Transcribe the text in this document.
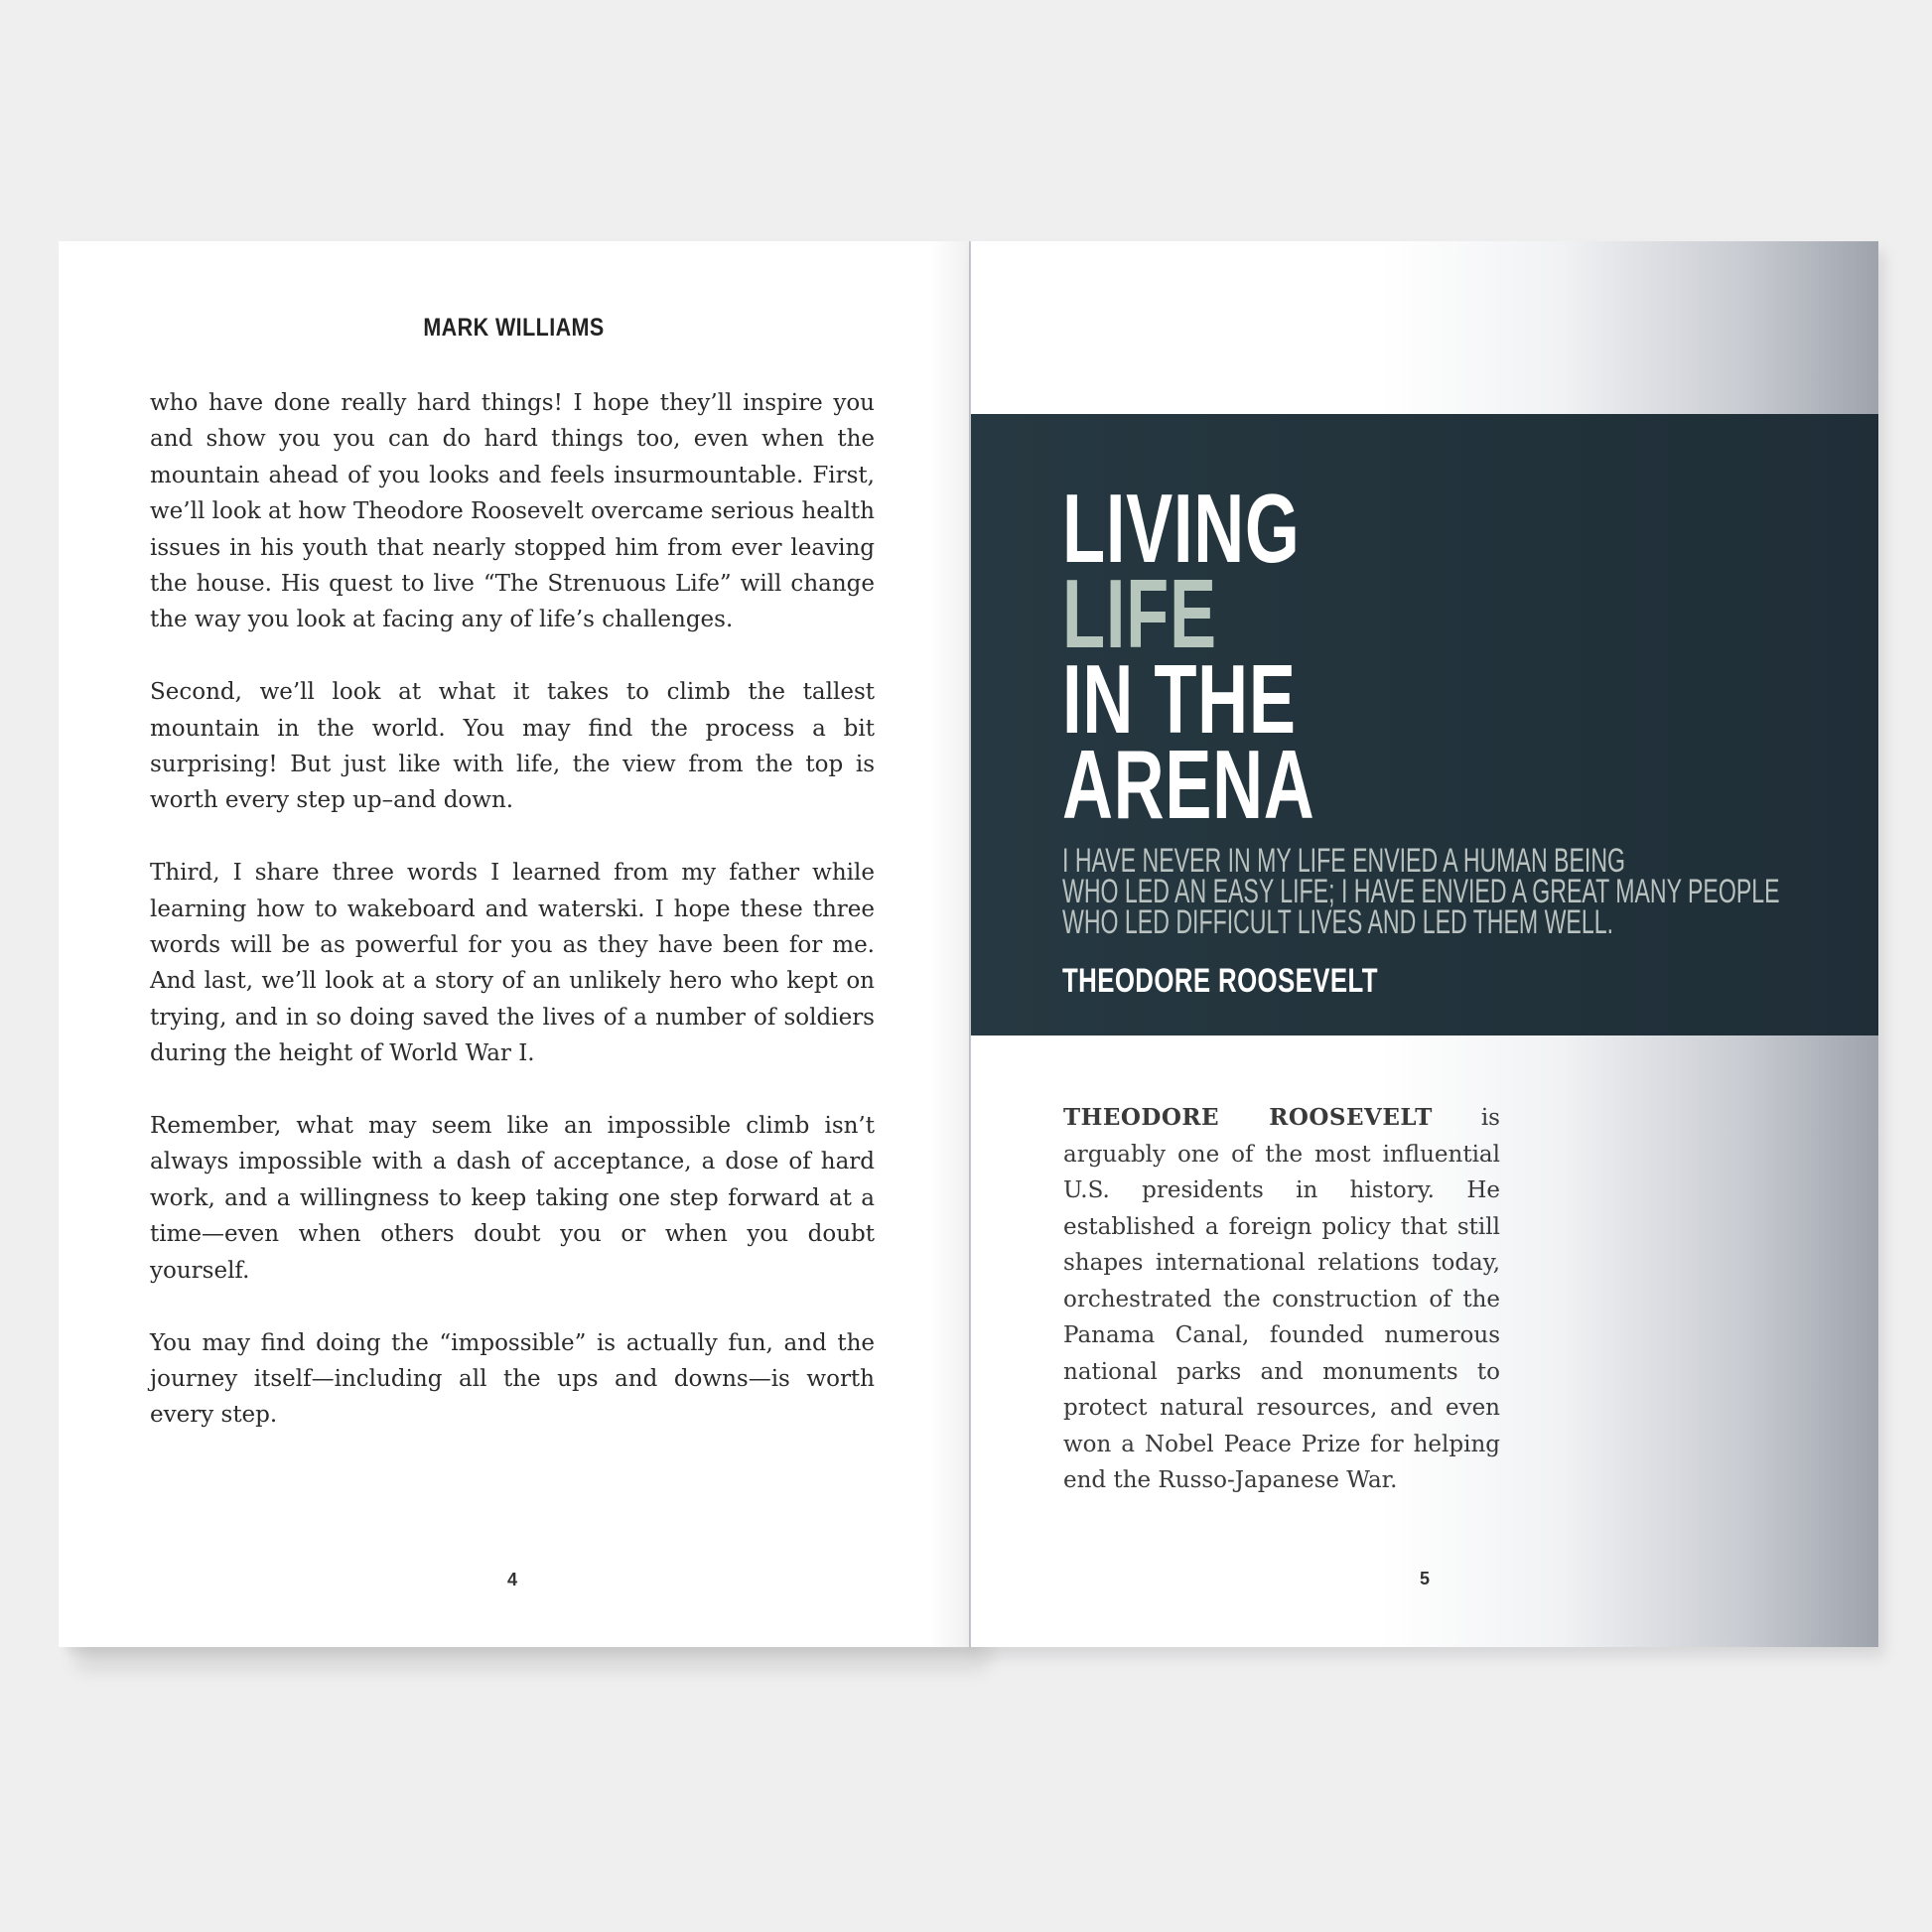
MARK WILLIAMS

who have done really hard things! I hope they’ll inspire you and show you you can do hard things too, even when the mountain ahead of you looks and feels insurmountable. First, we’ll look at how Theodore Roosevelt overcame serious health issues in his youth that nearly stopped him from ever leaving the house. His quest to live “The Strenuous Life” will change the way you look at facing any of life’s challenges.

Second, we’ll look at what it takes to climb the tallest mountain in the world. You may find the process a bit surprising! But just like with life, the view from the top is worth every step up–and down.

Third, I share three words I learned from my father while learning how to wakeboard and waterski. I hope these three words will be as powerful for you as they have been for me. And last, we’ll look at a story of an unlikely hero who kept on trying, and in so doing saved the lives of a number of soldiers during the height of World War I.

Remember, what may seem like an impossible climb isn’t always impossible with a dash of acceptance, a dose of hard work, and a willingness to keep taking one step forward at a time—even when others doubt you or when you doubt yourself.

You may find doing the “impossible” is actually fun, and the journey itself—including all the ups and downs—is worth every step.

4
LIVING
LIFE
IN THE
ARENA
I HAVE NEVER IN MY LIFE ENVIED A HUMAN BEING
WHO LED AN EASY LIFE; I HAVE ENVIED A GREAT MANY PEOPLE
WHO LED DIFFICULT LIVES AND LED THEM WELL.
THEODORE ROOSEVELT

THEODORE ROOSEVELT is arguably one of the most influential U.S. presidents in history. He established a foreign policy that still shapes international relations today, orchestrated the construction of the Panama Canal, founded numerous national parks and monuments to protect natural resources, and even won a Nobel Peace Prize for helping end the Russo-Japanese War.

5
